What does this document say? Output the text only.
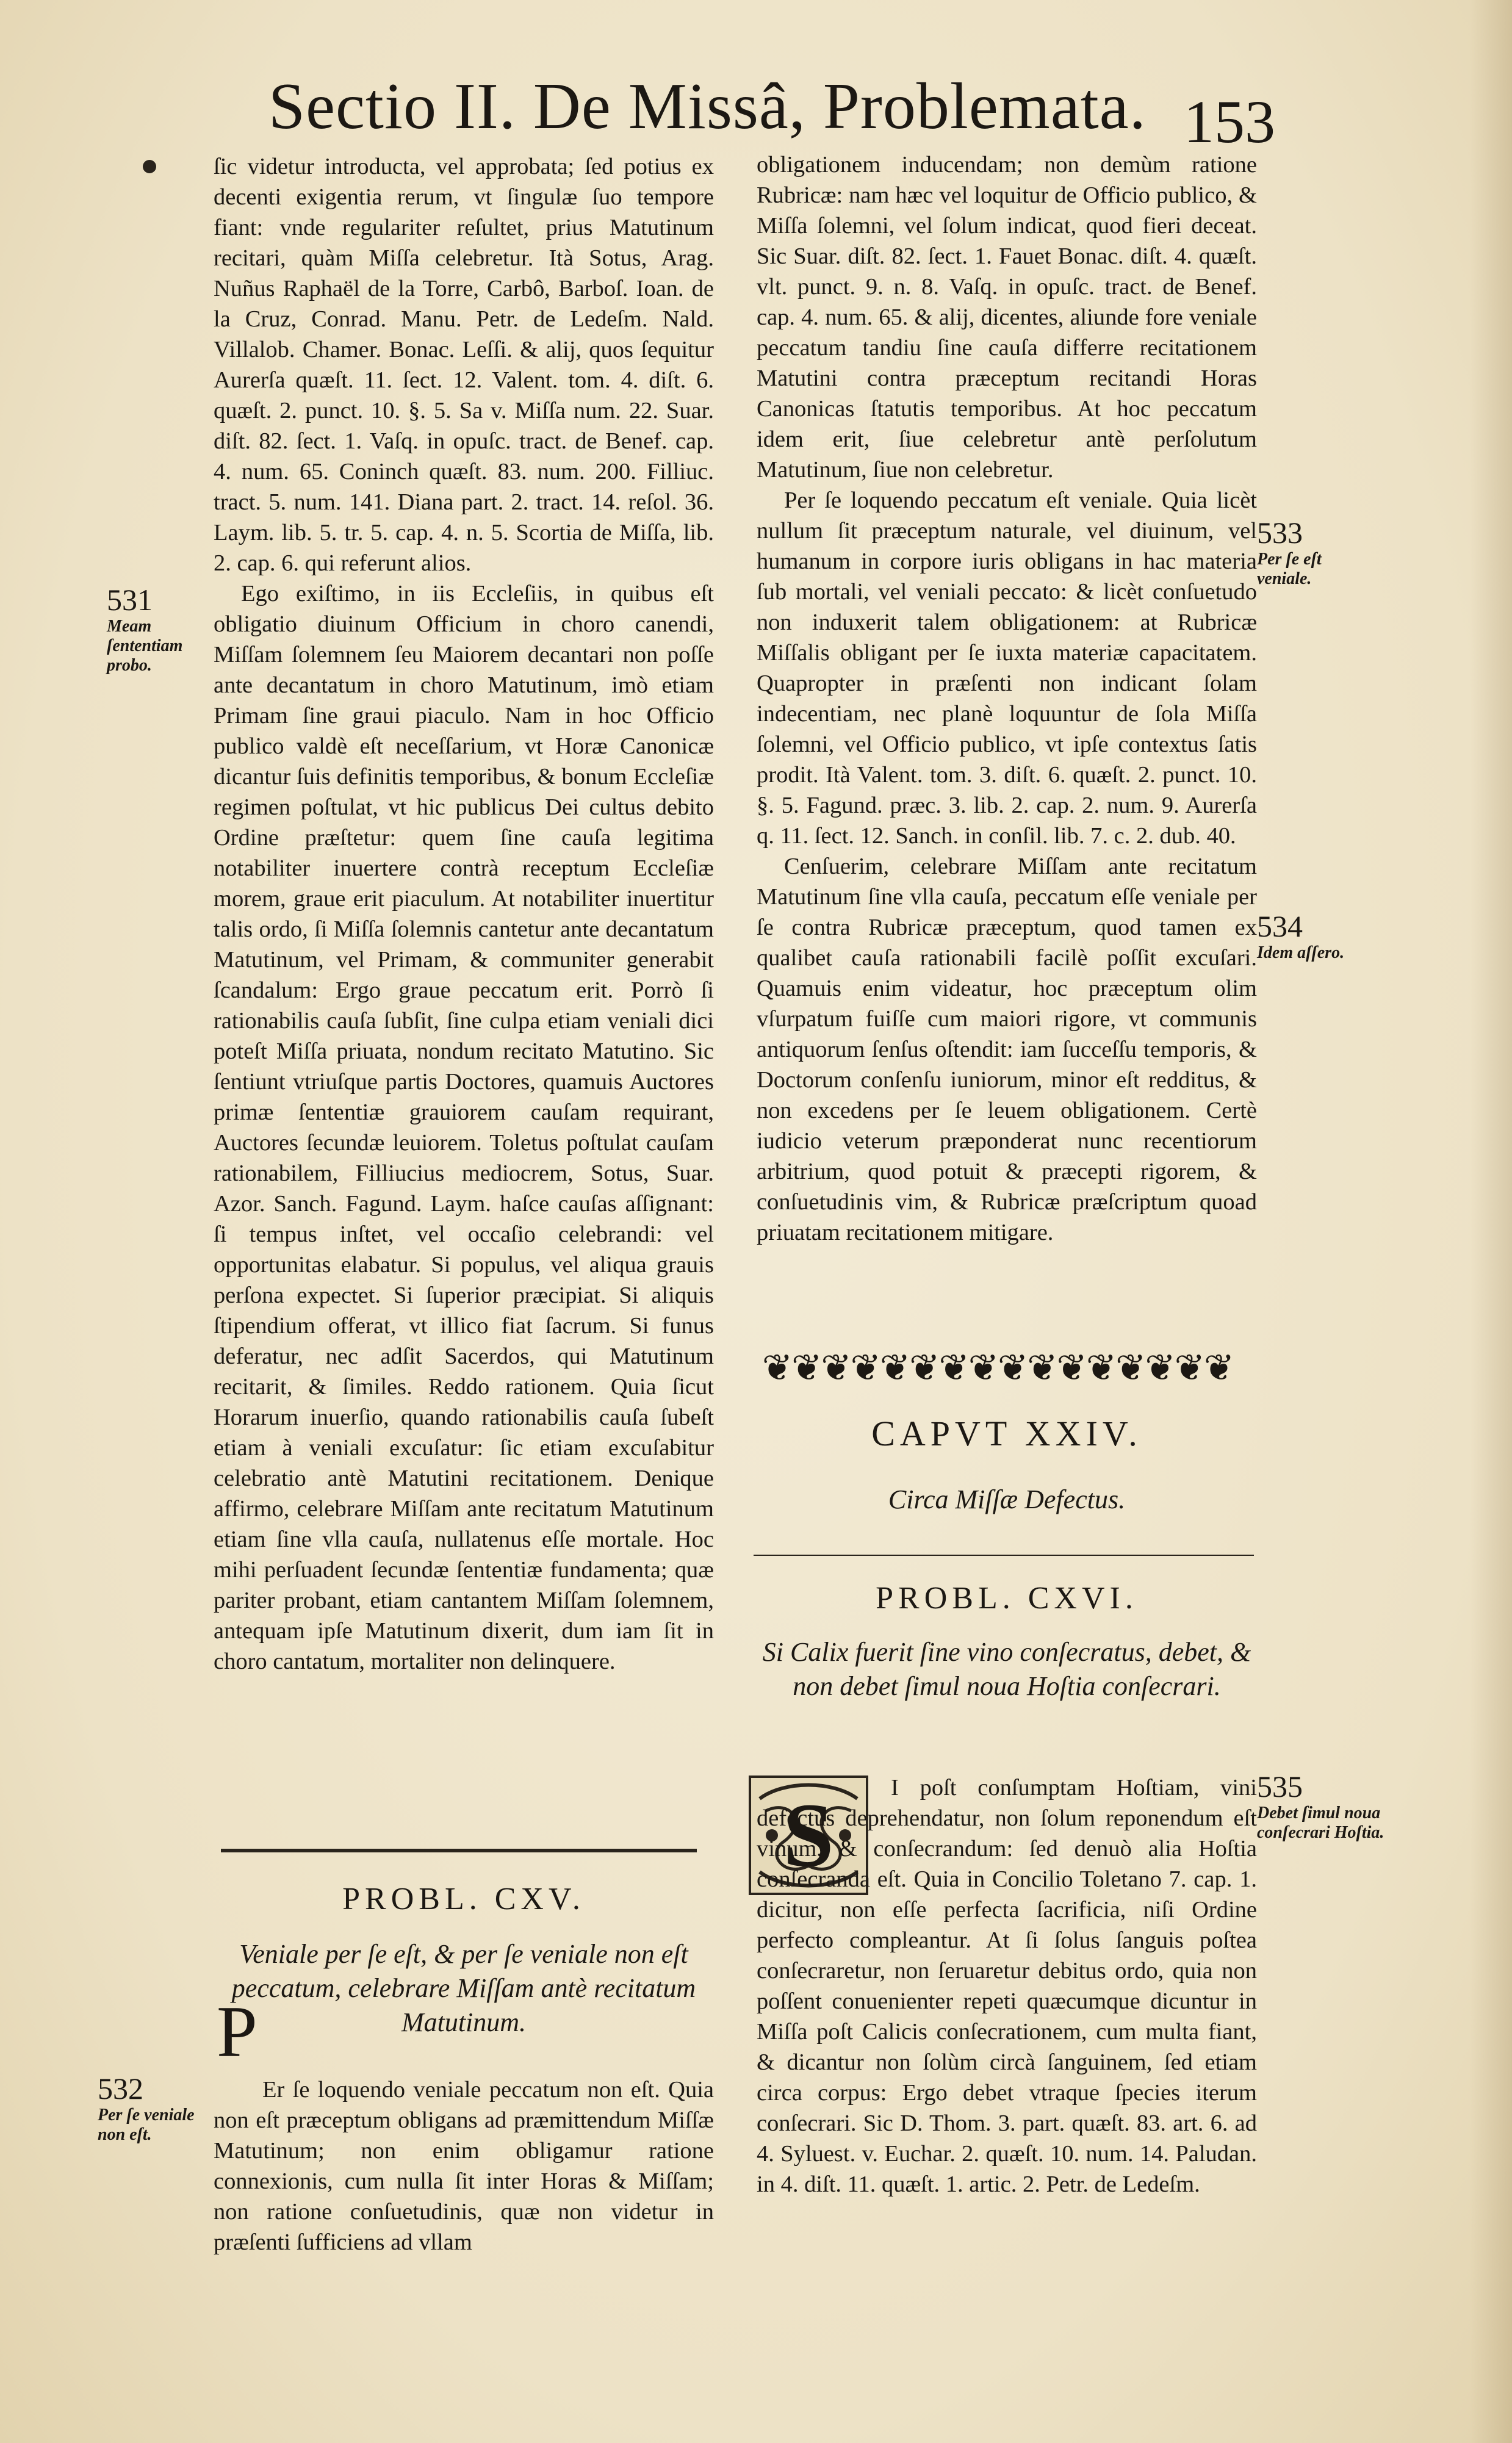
Sectio II. De Missâ, Problemata. 153

ſic videtur introducta, vel approbata; ſed potius ex decenti exigentia rerum, vt ſingulæ ſuo tempore fiant: vnde regulariter reſultet, prius Matutinum recitari, quàm Miſſa celebretur. Ità Sotus, Arag. Nuñus Raphaël de la Torre, Carbô, Barboſ. Ioan. de la Cruz, Conrad. Manu. Petr. de Ledeſm. Nald. Villalob. Chamer. Bonac. Leſſi. & alij, quos ſequitur Aurerſa quæſt. 11. ſect. 12. Valent. tom. 4. diſt. 6. quæſt. 2. punct. 10. §. 5. Sa v. Miſſa num. 22. Suar. diſt. 82. ſect. 1. Vaſq. in opuſc. tract. de Benef. cap. 4. num. 65. Coninch quæſt. 83. num. 200. Filliuc. tract. 5. num. 141. Diana part. 2. tract. 14. reſol. 36. Laym. lib. 5. tr. 5. cap. 4. n. 5. Scortia de Miſſa, lib. 2. cap. 6. qui referunt alios.

Ego exiſtimo, in iis Eccleſiis, in quibus eſt obligatio diuinum Officium in choro canendi, Miſſam ſolemnem ſeu Maiorem decantari non poſſe ante decantatum in choro Matutinum, imò etiam Primam ſine graui piaculo. Nam in hoc Officio publico valdè eſt neceſſarium, vt Horæ Canonicæ dicantur ſuis definitis temporibus, & bonum Eccleſiæ regimen poſtulat, vt hic publicus Dei cultus debito Ordine præſtetur: quem ſine cauſa legitima notabiliter inuertere contrà receptum Eccleſiæ morem, graue erit piaculum. At notabiliter inuertitur talis ordo, ſi Miſſa ſolemnis cantetur ante decantatum Matutinum, vel Primam, & communiter generabit ſcandalum: Ergo graue peccatum erit. Porrò ſi rationabilis cauſa ſubſit, ſine culpa etiam veniali dici poteſt Miſſa priuata, nondum recitato Matutino. Sic ſentiunt vtriuſque partis Doctores, quamuis Auctores primæ ſententiæ grauiorem cauſam requirant, Auctores ſecundæ leuiorem. Toletus poſtulat cauſam rationabilem, Filliucius mediocrem, Sotus, Suar. Azor. Sanch. Fagund. Laym. haſce cauſas aſſignant: ſi tempus inſtet, vel occaſio celebrandi: vel opportunitas elabatur. Si populus, vel aliqua grauis perſona expectet. Si ſuperior præcipiat. Si aliquis ſtipendium offerat, vt illico fiat ſacrum. Si funus deferatur, nec adſit Sacerdos, qui Matutinum recitarit, & ſimiles. Reddo rationem. Quia ſicut Horarum inuerſio, quando rationabilis cauſa ſubeſt etiam à veniali excuſatur: ſic etiam excuſabitur celebratio antè Matutini recitationem. Denique affirmo, celebrare Miſſam ante recitatum Matutinum etiam ſine vlla cauſa, nullatenus eſſe mortale. Hoc mihi perſuadent ſecundæ ſententiæ fundamenta; quæ pariter probant, etiam cantantem Miſſam ſolemnem, antequam ipſe Matutinum dixerit, dum iam ſit in choro cantatum, mortaliter non delinquere.

531
Meam ſententiam probo.
PROBL. CXV.
Veniale per ſe eſt, & per ſe veniale non eſt peccatum, celebrare Miſſam antè recitatum Matutinum.
532
Per ſe veniale non eſt.
P

Er ſe loquendo veniale peccatum non eſt. Quia non eſt præceptum obligans ad præmittendum Miſſæ Matutinum; non enim obligamur ratione connexionis, cum nulla ſit inter Horas & Miſſam; non ratione conſuetudinis, quæ non videtur in præſenti ſufficiens ad vllam

obligationem inducendam; non demùm ratione Rubricæ: nam hæc vel loquitur de Officio publico, & Miſſa ſolemni, vel ſolum indicat, quod fieri deceat. Sic Suar. diſt. 82. ſect. 1. Fauet Bonac. diſt. 4. quæſt. vlt. punct. 9. n. 8. Vaſq. in opuſc. tract. de Benef. cap. 4. num. 65. & alij, dicentes, aliunde fore veniale peccatum tandiu ſine cauſa differre recitationem Matutini contra præceptum recitandi Horas Canonicas ſtatutis temporibus. At hoc peccatum idem erit, ſiue celebretur antè perſolutum Matutinum, ſiue non celebretur.

Per ſe loquendo peccatum eſt veniale. Quia licèt nullum ſit præceptum naturale, vel diuinum, vel humanum in corpore iuris obligans in hac materia ſub mortali, vel veniali peccato: & licèt conſuetudo non induxerit talem obligationem: at Rubricæ Miſſalis obligant per ſe iuxta materiæ capacitatem. Quapropter in præſenti non indicant ſolam indecentiam, nec planè loquuntur de ſola Miſſa ſolemni, vel Officio publico, vt ipſe contextus ſatis prodit. Ità Valent. tom. 3. diſt. 6. quæſt. 2. punct. 10. §. 5. Fagund. præc. 3. lib. 2. cap. 2. num. 9. Aurerſa q. 11. ſect. 12. Sanch. in conſil. lib. 7. c. 2. dub. 40.

Cenſuerim, celebrare Miſſam ante recitatum Matutinum ſine vlla cauſa, peccatum eſſe veniale per ſe contra Rubricæ præceptum, quod tamen ex qualibet cauſa rationabili facilè poſſit excuſari. Quamuis enim videatur, hoc præceptum olim vſurpatum fuiſſe cum maiori rigore, vt communis antiquorum ſenſus oſtendit: iam ſucceſſu temporis, & Doctorum conſenſu iuniorum, minor eſt redditus, & non excedens per ſe leuem obligationem. Certè iudicio veterum præponderat nunc recentiorum arbitrium, quod potuit & præcepti rigorem, & conſuetudinis vim, & Rubricæ præſcriptum quoad priuatam recitationem mitigare.

533
Per ſe eſt veniale.
534
Idem aſſero.
❦❦❦❦❦❦❦❦❦❦❦❦❦❦❦❦
CAPVT XXIV.
Circa Miſſæ Defectus.
PROBL. CXVI.
Si Calix fuerit ſine vino conſecratus, debet, & non debet ſimul noua Hoſtia conſecrari.
S	535
Debet ſimul noua conſecrari Hoſtia.

I poſt conſumptam Hoſtiam, vini defectus deprehendatur, non ſolum reponendum eſt vinum, & conſecrandum: ſed denuò alia Hoſtia conſecranda eſt. Quia in Concilio Toletano 7. cap. 1. dicitur, non eſſe perfecta ſacrificia, niſi Ordine perfecto compleantur. At ſi ſolus ſanguis poſtea conſecraretur, non ſeruaretur debitus ordo, quia non poſſent conuenienter repeti quæcumque dicuntur in Miſſa poſt Calicis conſecrationem, cum multa fiant, & dicantur non ſolùm circà ſanguinem, ſed etiam circa corpus: Ergo debet vtraque ſpecies iterum conſecrari. Sic D. Thom. 3. part. quæſt. 83. art. 6. ad 4. Syluest. v. Euchar. 2. quæſt. 10. num. 14. Paludan. in 4. diſt. 11. quæſt. 1. artic. 2. Petr. de Ledeſm.
